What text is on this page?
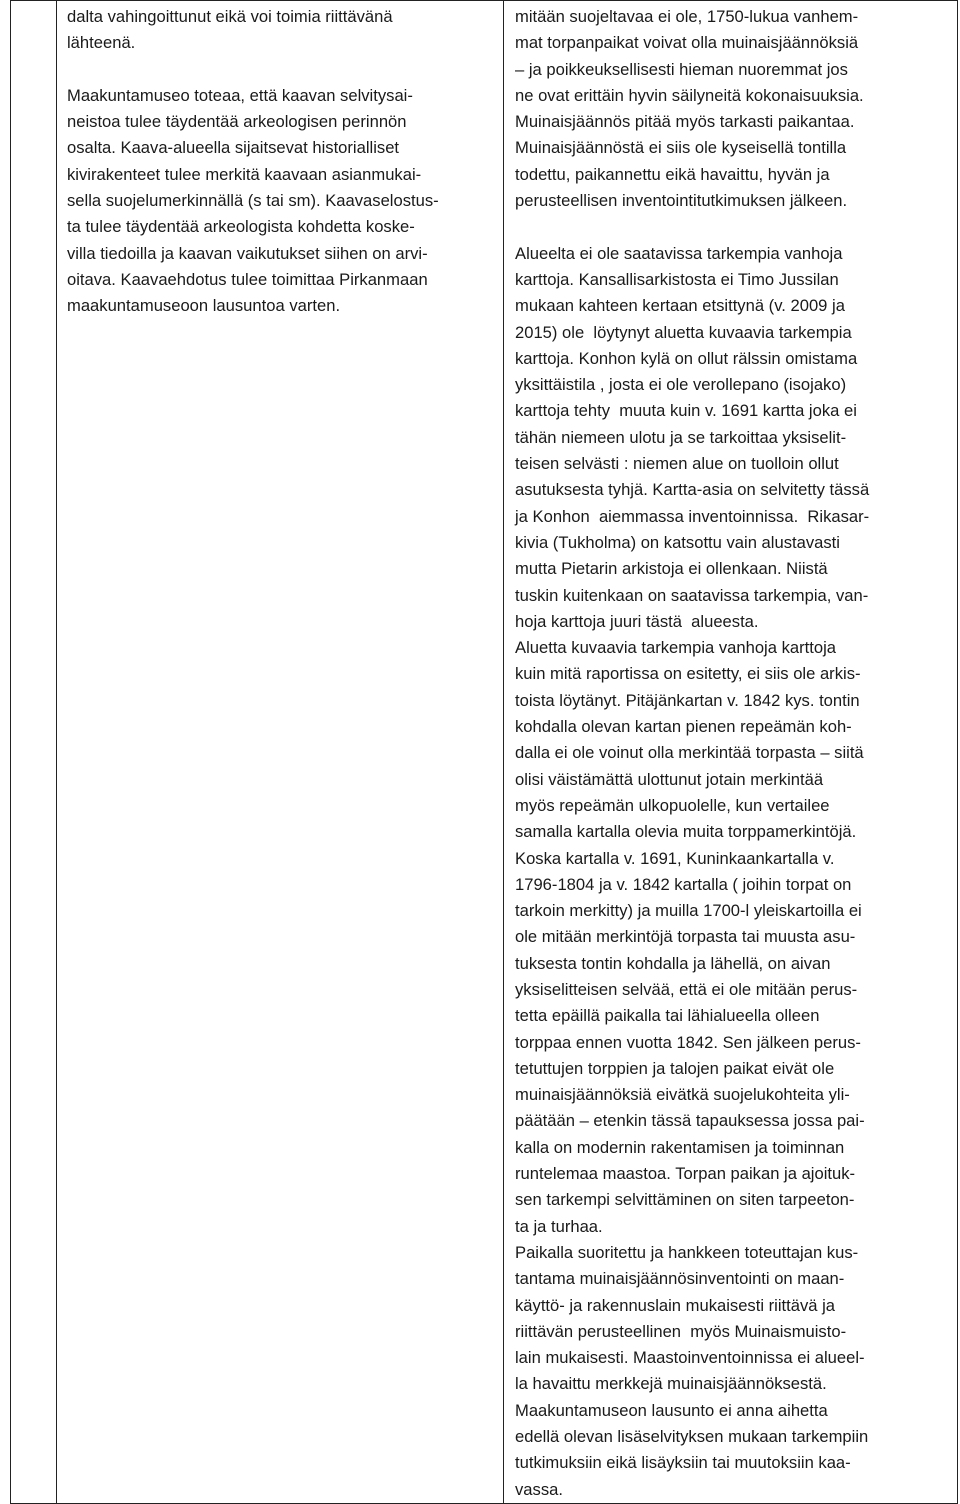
dalta vahingoittunut eikä voi toimia riittävänä
lähteenä.

Maakuntamuseo toteaa, että kaavan selvitysai-
neistoa tulee täydentää arkeologisen perinnön
osalta. Kaava-alueella sijaitsevat historialliset
kivirakenteet tulee merkitä kaavaan asianmukai-
sella suojelumerkinnällä (s tai sm). Kaavaselostus-
ta tulee täydentää arkeologista kohdetta koske-
villa tiedoilla ja kaavan vaikutukset siihen on arvi-
oitava. Kaavaehdotus tulee toimittaa Pirkanmaan
maakuntamuseoon lausuntoa varten.

mitään suojeltavaa ei ole, 1750-lukua vanhem-
mat torpanpaikat voivat olla muinaisjäännöksiä
– ja poikkeuksellisesti hieman nuoremmat jos
ne ovat erittäin hyvin säilyneitä kokonaisuuksia.
Muinaisjäännös pitää myös tarkasti paikantaa.
Muinaisjäännöstä ei siis ole kyseisellä tontilla
todettu, paikannettu eikä havaittu, hyvän ja
perusteellisen inventointitutkimuksen jälkeen.

Alueelta ei ole saatavissa tarkempia vanhoja
karttoja. Kansallisarkistosta ei Timo Jussilan
mukaan kahteen kertaan etsittynä (v. 2009 ja
2015) ole  löytynyt aluetta kuvaavia tarkempia
karttoja. Konhon kylä on ollut rälssin omistama
yksittäistila , josta ei ole verollepano (isojako)
karttoja tehty  muuta kuin v. 1691 kartta joka ei
tähän niemeen ulotu ja se tarkoittaa yksiselit-
teisen selvästi : niemen alue on tuolloin ollut
asutuksesta tyhjä. Kartta-asia on selvitetty tässä
ja Konhon  aiemmassa inventoinnissa.  Rikasar-
kivia (Tukholma) on katsottu vain alustavasti
mutta Pietarin arkistoja ei ollenkaan. Niistä
tuskin kuitenkaan on saatavissa tarkempia, van-
hoja karttoja juuri tästä  alueesta.
Aluetta kuvaavia tarkempia vanhoja karttoja
kuin mitä raportissa on esitetty, ei siis ole arkis-
toista löytänyt. Pitäjänkartan v. 1842 kys. tontin
kohdalla olevan kartan pienen repeämän koh-
dalla ei ole voinut olla merkintää torpasta – siitä
olisi väistämättä ulottunut jotain merkintää
myös repeämän ulkopuolelle, kun vertailee
samalla kartalla olevia muita torppamerkintöjä.
Koska kartalla v. 1691, Kuninkaankartalla v.
1796-1804 ja v. 1842 kartalla ( joihin torpat on
tarkoin merkitty) ja muilla 1700-l yleiskartoilla ei
ole mitään merkintöjä torpasta tai muusta asu-
tuksesta tontin kohdalla ja lähellä, on aivan
yksiselitteisen selvää, että ei ole mitään perus-
tetta epäillä paikalla tai lähialueella olleen
torppaa ennen vuotta 1842. Sen jälkeen perus-
tetuttujen torppien ja talojen paikat eivät ole
muinaisjäännöksiä eivätkä suojelukohteita yli-
päätään – etenkin tässä tapauksessa jossa pai-
kalla on modernin rakentamisen ja toiminnan
runtelemaa maastoa. Torpan paikan ja ajoituk-
sen tarkempi selvittäminen on siten tarpeeton-
ta ja turhaa.
Paikalla suoritettu ja hankkeen toteuttajan kus-
tantama muinaisjäännösinventointi on maan-
käyttö- ja rakennuslain mukaisesti riittävä ja
riittävän perusteellinen  myös Muinaismuisto-
lain mukaisesti. Maastoinventoinnissa ei alueel-
la havaittu merkkejä muinaisjäännöksestä.
Maakuntamuseon lausunto ei anna aihetta
edellä olevan lisäselvityksen mukaan tarkempiin
tutkimuksiin eikä lisäyksiin tai muutoksiin kaa-
vassa.
